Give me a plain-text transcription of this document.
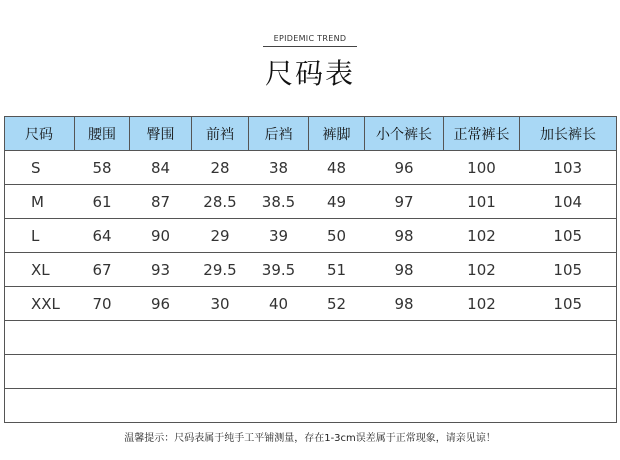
EPIDEMIC TREND
尺码表
尺码	腰围	臀围	前裆	后裆	裤脚	小个裤长	正常裤长	加长裤长
S	58	84	28	38	48	96	100	103
M	61	87	28.5	38.5	49	97	101	104
L	64	90	29	39	50	98	102	105
XL	67	93	29.5	39.5	51	98	102	105
XXL	70	96	30	40	52	98	102	105

温馨提示：尺码表属于纯手工平铺测量，存在1-3cm误差属于正常现象，请亲见谅！
